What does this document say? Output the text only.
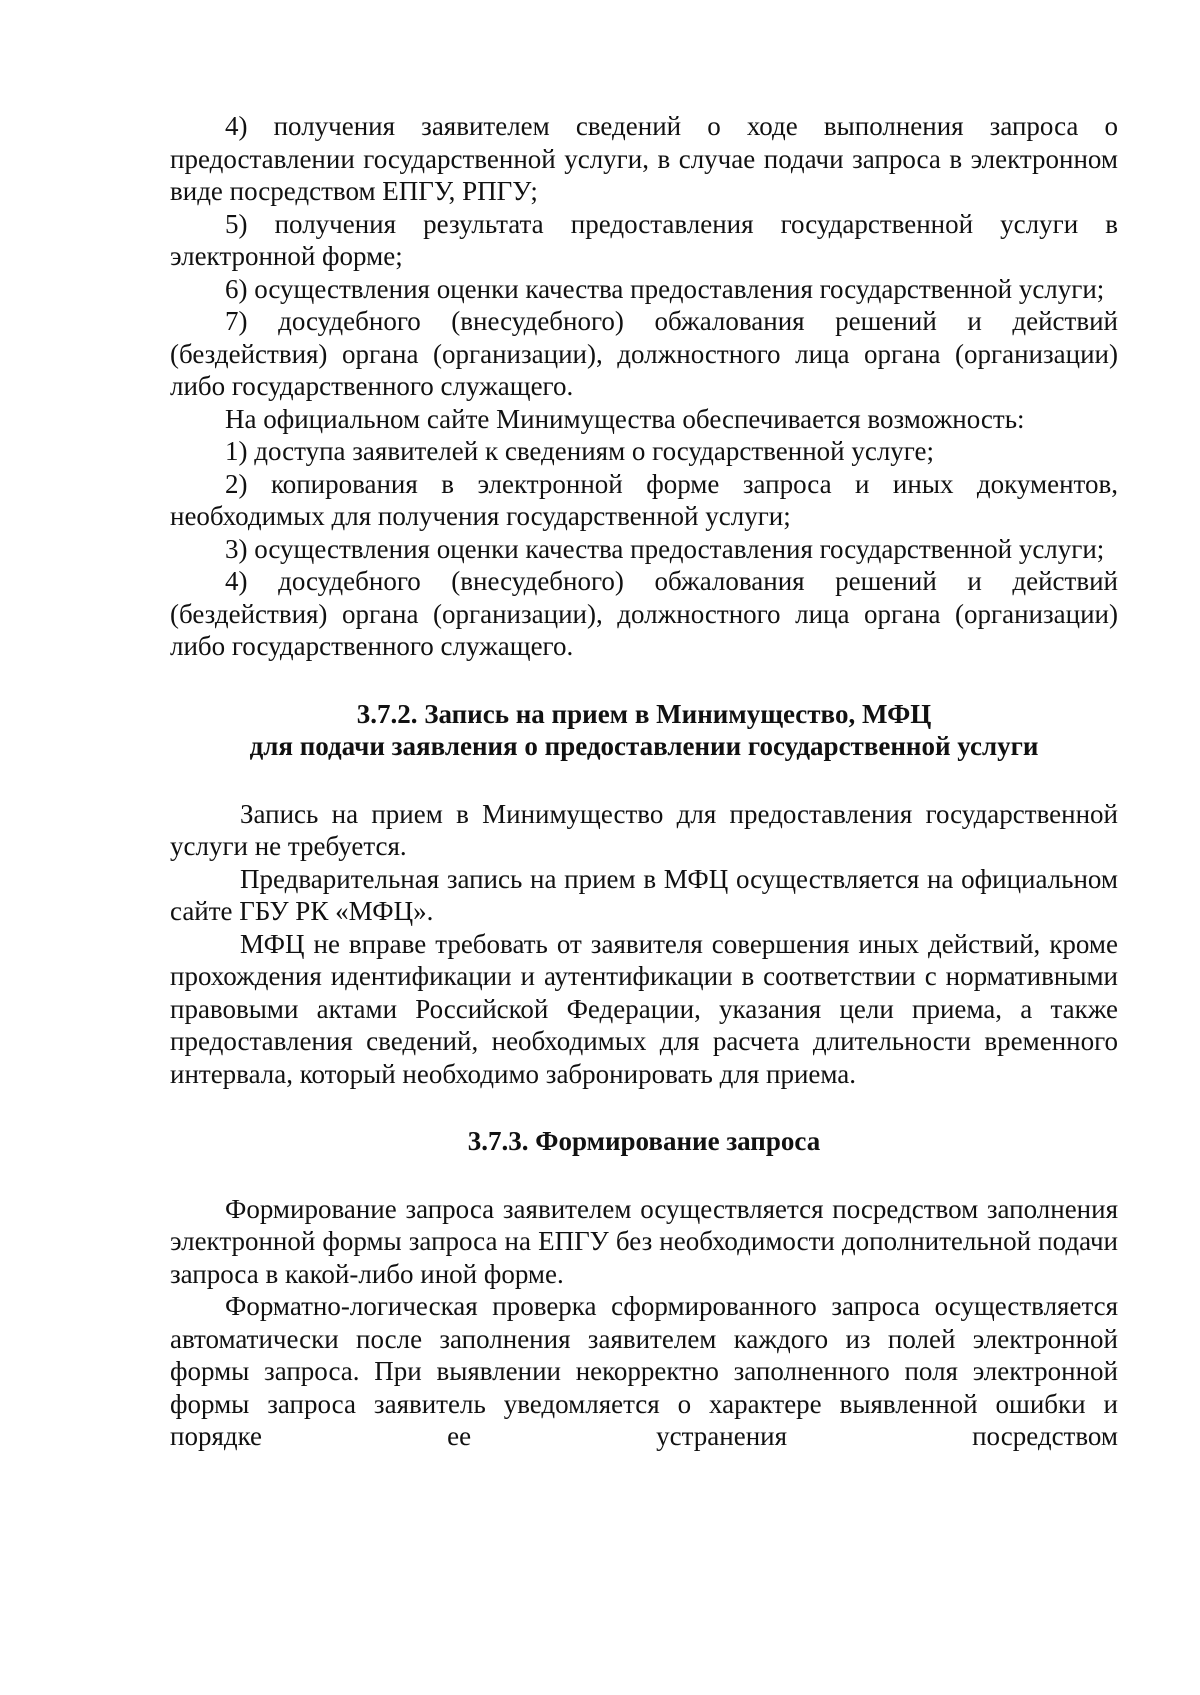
4) получения заявителем сведений о ходе выполнения запроса о предоставлении государственной услуги, в случае подачи запроса в электронном виде посредством ЕПГУ, РПГУ;

5) получения результата предоставления государственной услуги в электронной форме;

6) осуществления оценки качества предоставления государственной услуги;

7) досудебного (внесудебного) обжалования решений и действий (бездействия) органа (организации), должностного лица органа (организации) либо государственного служащего.

На официальном сайте Минимущества обеспечивается возможность:

1) доступа заявителей к сведениям о государственной услуге;

2) копирования в электронной форме запроса и иных документов, необходимых для получения государственной услуги;

3) осуществления оценки качества предоставления государственной услуги;

4) досудебного (внесудебного) обжалования решений и действий (бездействия) органа (организации), должностного лица органа (организации) либо государственного служащего.

3.7.2. Запись на прием в Минимущество, МФЦ

для подачи заявления о предоставлении государственной услуги

Запись на прием в Минимущество для предоставления государственной услуги не требуется.

Предварительная запись на прием в МФЦ осуществляется на официальном сайте ГБУ РК «МФЦ».

МФЦ не вправе требовать от заявителя совершения иных действий, кроме прохождения идентификации и аутентификации в соответствии с нормативными правовыми актами Российской Федерации, указания цели приема, а также предоставления сведений, необходимых для расчета длительности временного интервала, который необходимо забронировать для приема.

3.7.3. Формирование запроса

Формирование запроса заявителем осуществляется посредством заполнения электронной формы запроса на ЕПГУ без необходимости дополнительной подачи запроса в какой-либо иной форме.

Форматно-логическая проверка сформированного запроса осуществляется автоматически после заполнения заявителем каждого из полей электронной формы запроса. При выявлении некорректно заполненного поля электронной формы запроса заявитель уведомляется о характере выявленной ошибки и порядке ее устранения посредством
